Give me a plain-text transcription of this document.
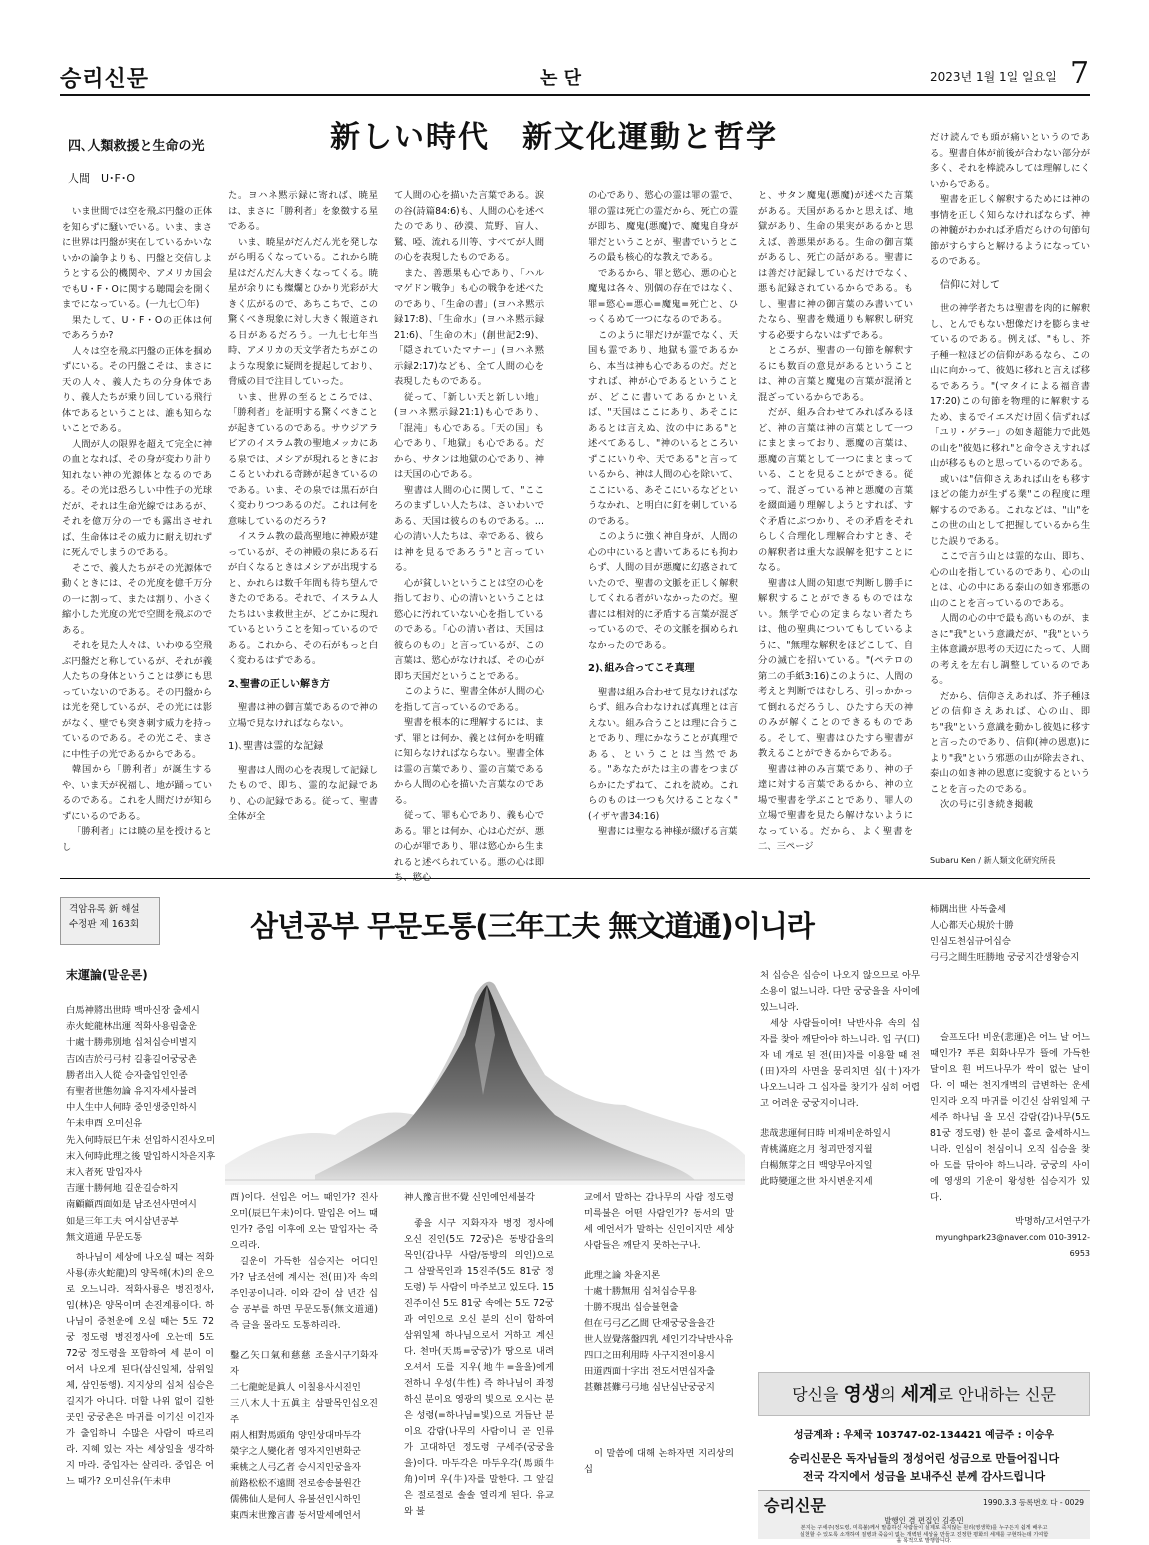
승리신문	논 단	2023년 1월 1일 일요일 7
四､人類救援と生命の光	新しい時代　新文化運動と哲学
人間　U･F･O

いま世間では空を飛ぶ円盤の正体を知らずに騒いでいる。いま、まさに世界は円盤が実在しているかいないかの論争よりも、円盤と交信しようとする公的機関や、アメリカ国会でもU・F・Oに関する聴聞会を開くまでになっている。(一九七〇年)

果たして、U・F・Oの正体は何であろうか?

人々は空を飛ぶ円盤の正体を掴めずにいる。その円盤こそは、まさに天の人々、義人たちの分身体であり、義人たちが乗り回している飛行体であるということは、誰も知らないことである。

人間が人の限界を超えて完全に神の血となれば、その身が変わり計り知れない神の光源体となるのである。その光は恐ろしい中性子の光球だが、それは生命光線ではあるが、それを億万分の一でも露出させれば、生命体はその威力に耐え切れずに死んでしまうのである。

そこで、義人たちがその光源体で動くときには、その光度を億千万分の一に割って、または割り、小さく縮小した光度の光で空間を飛ぶのである。

それを見た人々は、いわゆる空飛ぶ円盤だと称しているが、それが義人たちの身体ということは夢にも思っていないのである。その円盤からは光を発しているが、その光には影がなく、壁でも突き刺す威力を持っているのである。その光こそ、まさに中性子の光であるからである。

韓国から「勝利者」が誕生するや、いま天が祝福し、地が踊っているのである。これを人間だけが知らずにいるのである。

「勝利者」には暁の星を授けるとし

た。ヨハネ黙示録に寄れば、暁星は、まさに「勝利者」を象徴する星である。

いま、暁星がだんだん光を発しながら明るくなっている。これから暁星はだんだん大きくなってくる。暁星が余りにも燦爛とひかり光彩が大きく広がるので、あちこちで、この驚くべき現象に対し大きく報道される日があるだろう。一九七七年当時、アメリカの天文学者たちがこのような現象に疑問を提起しており、脅威の目で注目していった。

いま、世界の至るところでは、「勝利者」を証明する驚くべきことが起きているのである。サウジアラビアのイスラム教の聖地メッカにある泉では、メシアが現れるときにおこるといわれる奇跡が起きているのである。いま、その泉では黒石が白く変わりつつあるのだ。これは何を意味しているのだろう?

イスラム教の最高聖地に神殿が建っているが、その神殿の泉にある石が白くなるときはメシアが出現すると、かれらは数千年間も待ち望んできたのである。それで、イスラム人たちはいま救世主が、どこかに現れているということを知っているのである。これから、その石がもっと白く変わるはずである。

2､聖書の正しい解き方

聖書は神の御言葉であるので神の立場で見なければならない。

1)､聖書は霊的な記録

聖書は人間の心を表現して記録したもので、即ち、霊的な記録であり、心の記録である。従って、聖書全体が全

て人間の心を描いた言葉である。涙の谷(詩篇84:6)も、人間の心を述べたのであり、砂漠、荒野、盲人、鷲、啞、流れる川等、すべてが人間の心を表現したものである。

また、善悪果も心であり、「ハルマゲドン戦争」も心の戦争を述べたのであり、「生命の書」(ヨハネ黙示録17:8)、「生命水」(ヨハネ黙示録21:6)、「生命の木」(創世記2:9)、「隠されていたマナー」(ヨハネ黙示録2:17)なども、全て人間の心を表現したものである。

従って、「新しい天と新しい地」(ヨハネ黙示録21:1)も心であり、「混沌」も心である。「天の国」も心であり、「地獄」も心である。だから、サタンは地獄の心であり、神は天国の心である。

聖書は人間の心に関して、"こころのまずしい人たちは、さいわいである、天国は彼らのものである。…心の清い人たちは、幸である、彼らは神を見るであろう"と言っている。

心が貧しいということは空の心を指しており、心の清いということは慾心に汚れていない心を指しているのである。「心の清い者は、天国は彼らのもの」と言っているが、この言葉は、慾心がなければ、その心が即ち天国だということである。

このように、聖書全体が人間の心を指して言っているのである。

聖書を根本的に理解するには、まず、罪とは何か、義とは何かを明確に知らなければならない。聖書全体は霊の言葉であり、霊の言葉であるから人間の心を描いた言葉なのである。

従って、罪も心であり、義も心である。罪とは何か、心は心だが、悪の心が罪であり、罪は慾心から生まれると述べられている。悪の心は即

の心であり、慾心の霊は罪の霊で、罪の霊は死亡の霊だから、死亡の霊が即ち、魔鬼(悪魔)で、魔鬼自身が罪だということが、聖書でいうところの最も核心的な教えである。

であるから、罪と慾心、悪の心と魔鬼は各々、別個の存在ではなく、罪=慾心=悪心=魔鬼=死亡と、ひっくるめて一つになるのである。

このように罪だけが霊でなく、天国も霊であり、地獄も霊であるから、本当は神も心であるのだ。だとすれば、神が心であるということが、どこに書いてあるかといえば、"天国はここにあり、あそこにあるとは言えぬ、汝の中にある"と述べてあるし、"神のいるところいずこにいりや、天である"と言っているから、神は人間の心を除いて、ここにいる、あそこにいるなどというなかれ、と明白に釘を刺しているのである。

このように強く神自身が、人間の心の中にいると書いてあるにも拘わらず、人間の目が悪魔に幻惑されていたので、聖書の文脈を正しく解釈してくれる者がいなかったのだ。聖書には相対的に矛盾する言葉が混ざっているので、その文脈を掴められなかったのである。

2)､組み合ってこそ真理

聖書は組み合わせて見なければならず、組み合わなければ真理とは言えない。組み合うことは理に合うことであり、理にかなうことが真理である、ということは当然である。"あなたがたは主の書をつまびらかにたずねて、これを読め。これらのものは一つも欠けることなく"(イザヤ書34:16)

聖書には聖なる神様が綴げる言葉

と、サタン魔鬼(悪魔)が述べた言葉がある。天国があるかと思えば、地獄があり、生命の果実があるかと思えば、善悪果がある。生命の御言葉があるし、死亡の話がある。聖書には善だけ記録しているだけでなく、悪も記録されているからである。もし、聖書に神の御言葉のみ書いていたなら、聖書を幾通りも解釈し研究する必要すらないはずである。

ところが、聖書の一句節を解釈するにも数百の意見があるということは、神の言葉と魔鬼の言葉が混淆と混ざっているからである。

だが、組み合わせてみればみるほど、神の言葉は神の言葉として一つにまとまっており、悪魔の言葉は、悪魔の言葉として一つにまとまっている、ことを見ることができる。従って、混ざっている神と悪魔の言葉を綴面通り理解しようとすれば、すぐ矛盾にぶつかり、その矛盾をそれらしく合理化し理解合わすとき、その解釈者は重大な誤解を犯すことになる。

聖書は人間の知恵で判断し勝手に解釈することができるものではない。無学で心の定まらない者たちは、他の聖典についてもしているように、"無理な解釈をほどこして、自分の滅亡を招いている。"(ペテロの第二の手紙3:16)このように、人間の考えと判断ではむしろ、引っかかって倒れるだろうし、ひたすら天の神のみが解くことのできるものである。そして、聖書はひたすら聖書が教えることができるからである。

聖書は神のみ言葉であり、神の子達に対する言葉であるから、神の立場で聖書を学ぶことであり、罪人の立場で聖書を見たら解けないようになっている。だから、よく聖書を二、三ページ

だけ読んでも頭が痛いというのである。聖書自体が前後が合わない部分が多く、それを棒読みしては理解しにくいからである。

聖書を正しく解釈するためには神の事情を正しく知らなければならず、神の神髄がわかれば矛盾だらけの句節句節がすらすらと解けるようになっているのである。

信仰に対して

世の神学者たちは聖書を肉的に解釈し、とんでもない想像だけを膨らませているのである。例えば、"もし、芥子種一粒ほどの信仰があるなら、この山に向かって、彼処に移れと言えば移るであろう。"(マタイによる福音書17:20)この句節を物理的に解釈するため、まるでイエスだけ固く信ずれば「ユリ・ゲラー」の如き超能力で此処の山を"彼処に移れ"と命令さえすれば山が移るものと思っているのである。

或いは"信仰さえあれば山をも移すほどの能力が生ずる業"この程度に理解するのである。これなどは、"山"をこの世の山として把握しているから生じた誤りである。

ここで言う山とは霊的な山、即ち、心の山を指しているのであり、心の山とは、心の中にある泰山の如き邪悪の山のことを言っているのである。

人間の心の中で最も高いものが、まさに"我"という意識だが、"我"という主体意識が思考の天辺にたって、人間の考えを左右し調整しているのである。

だから、信仰さえあれば、芥子種ほどの信仰さえあれば、心の山、即ち"我"という意識を動かし彼処に移すと言ったのであり、信仰(神の恩恵)により"我"という邪悪の山が除去され、泰山の如き神の恩恵に変貌するということを言ったのである。

次の号に引き続き掲載

Subaru Ken / 新人類文化研究所長
격암유록 新 해설
수정판 제 163회	삼년공부 무문도통(三年工夫 無文道通)이니라	柿隅出世 사독출세
人心都天心規於十勝
인심도천심규어십승
弓弓之間生旺勝地 궁궁지간생왕승지
末運論(말운론)
白馬神將出世時 백마신장 출세시
赤火蛇龍林出運 적화사용림출운
十處十勝弗別地 십처십승비별지
吉凶吉於弓弓村 길흉길어궁궁촌
勝者出入人從 승자출입인인종
有聖者世態勿論 유지자세사불려
中人生中人何時 중인생중인하시
午未申酉 오미신유
先入何時辰巳午未 선입하시진사오미
末入何時此理之後 말입하시차읃지후
末入者死 말입자사
吉運十勝何地 길운길승하지
南顧顧西面如是 남조선사면여시
如是三年工夫 여시삼년공부
無文道通 무문도통

하나님이 세상에 나오실 때는 적화사룡(赤火蛇龍)의 양목해(木)의 운으로 오느니라. 적화사룡은 병진정사, 임(林)은 양목이며 손진계룡이다. 하나님이 중천운에 오실 때는 5도 72궁 정도령 병진정사에 오는데 5도 72궁 정도령을 포함하여 세 분이 이어서 나오게 된다(삼신일체, 삼위일체, 삼인동행). 지지상의 십처 십승은 길지가 아니다. 더할 나위 없이 길한 곳인 궁궁촌은 마귀를 이기신 이긴자가 출입하니 수많은 사람이 따르리라. 지혜 있는 자는 세상일을 생각하지 마라. 중입자는 살리라. 중입은 어느 때가? 오미신유(午未申

酉)이다. 선입은 어느 때인가? 진사오미(辰巳午未)이다. 말입은 어느 때인가? 증임 이후에 오는 말입자는 죽으리라.

길운이 가득한 십승지는 어디인가? 남조선에 계시는 전(田)자 속의 주인공이니라. 이와 같이 삼 년간 십승 공부를 하면 무문도통(無文道通) 즉 글을 몰라도 도통하리라.

鑿乙矢口氣和慈慈 조을시구기화자자
二七龍蛇是眞人 이칠용사시진인
三八木人十五眞主 삼팔목인십오진주
兩人相對馬頭角 양인상대마두각
榮字之人變化者 영자지인변화군
乘桃之人弓乙者 승시지인궁을자
前路松松不遠間 전로송송불원간
儒佛仙人是何人 유불선인시하인
東西末世豫言書 동서말세예언서
神人豫言世不覺 신인예언세불각

좋을 시구 지화자자 병정 정사에 오신 진인(5도 72궁)은 동방갑을의 목인(갑나무 사람/동방의 의인)으로 그 삼팔목인과 15진주(5도 81궁 정도령) 두 사람이 마주보고 있도다. 15진주이신 5도 81궁 속에는 5도 72궁과 여인으로 오신 분의 신이 함하여 삼위일체 하나님으로서 거하고 계신다. 천마(天馬=궁궁)가 땅으로 내려오셔서 도를 지우(地牛=을을)에게 전하니 우성(牛性) 즉 하나님이 좌정하신 분이요 영광의 빛으로 오시는 분은 성령(=하나님=빛)으로 거듭난 분이요 감람(나무의 사람이니 곧 인류가 고대하던 정도령 구세주(궁궁을을)이다. 마두각은 마두우각(馬頭牛角)이며 우(牛)자를 말한다. 그 앞길은 절로절로 솔솔 열리게 된다. 유교와 불

교에서 말하는 감나무의 사람 정도령 미륵불은 어떤 사람인가? 동서의 말세 예언서가 말하는 신인이지만 세상 사람들은 깨닫지 못하는구나.

此理之論 차윤지론
十處十勝無用 십처십승무용
十勝不現出 십승불현출
但在弓弓乙乙間 단재궁궁을을간
世人豈覺落盤四乳 세인기각낙반사유
四口之田利用時 사구지전이용시
田道西面十字出 전도서면십자출
甚難甚難弓弓地 심난심난궁궁지

이 말씀에 대해 논하자면 지리상의 십

처 십승은 십승이 나오지 않으므로 아무 소용이 없느니라. 다만 궁궁을을 사이에 있느니라.

세상 사람들이여! 낙반사유 속의 십자를 찾아 깨닫아야 하느니라. 입 구(口)자 네 개로 된 전(田)자를 이용할 때 전(田)자의 사면을 뭉리치면 십(十)자가 나오느니라 그 십자를 찾기가 심히 어렵고 어려운 궁궁지이니라.

悲哉悲運何日時 비재비운하일시
青桃滿庭之月 청괴만정지월
白楊無芽之日 백양무아지일
此時變運之世 차시변운지세

슬프도다! 비운(悲運)은 어느 날 어느 때인가? 푸른 회화나무가 뜰에 가득한 달이요 흰 버드나무가 싹이 없는 날이다. 이 때는 천지개벽의 급변하는 운세인지라 오직 마귀를 이긴신 삼위일체 구세주 하나님 을 모신 감람(감)나무(5도 81궁 정도령) 한 분이 홀로 출세하시느니라. 인심이 천심이니 오직 십승을 찾아 도를 닦아야 하느니라. 궁궁의 사이에 영생의 기운이 왕성한 십승지가 있다.

박명하/고서연구가
myunghpark23@naver.com 010-3912-6953
당신을 영생의 세계로 안내하는 신문
성금계좌 : 우체국 103747-02-134421 예금주 : 이승우
승리신문은 독자님들의 정성어린 성금으로 만들어집니다
전국 각지에서 성금을 보내주신 분께 감사드립니다
승리신문	1990.3.3 등록번호 다 - 0029
발행인 겸 편집인 김종민
본지는 구세주(정도령, 미륵불)께서 말씀하신 사람들이 실제로 죽지않는 원리(영생학)를 누구든지 쉽게 배우고 실천할 수 있도록 소개하여 질병과 죽음이 없는 개벽된 세상을 만들고 진정한 평화의 세계를 구현하는데 기여함을 목적으로 발행합니다.
